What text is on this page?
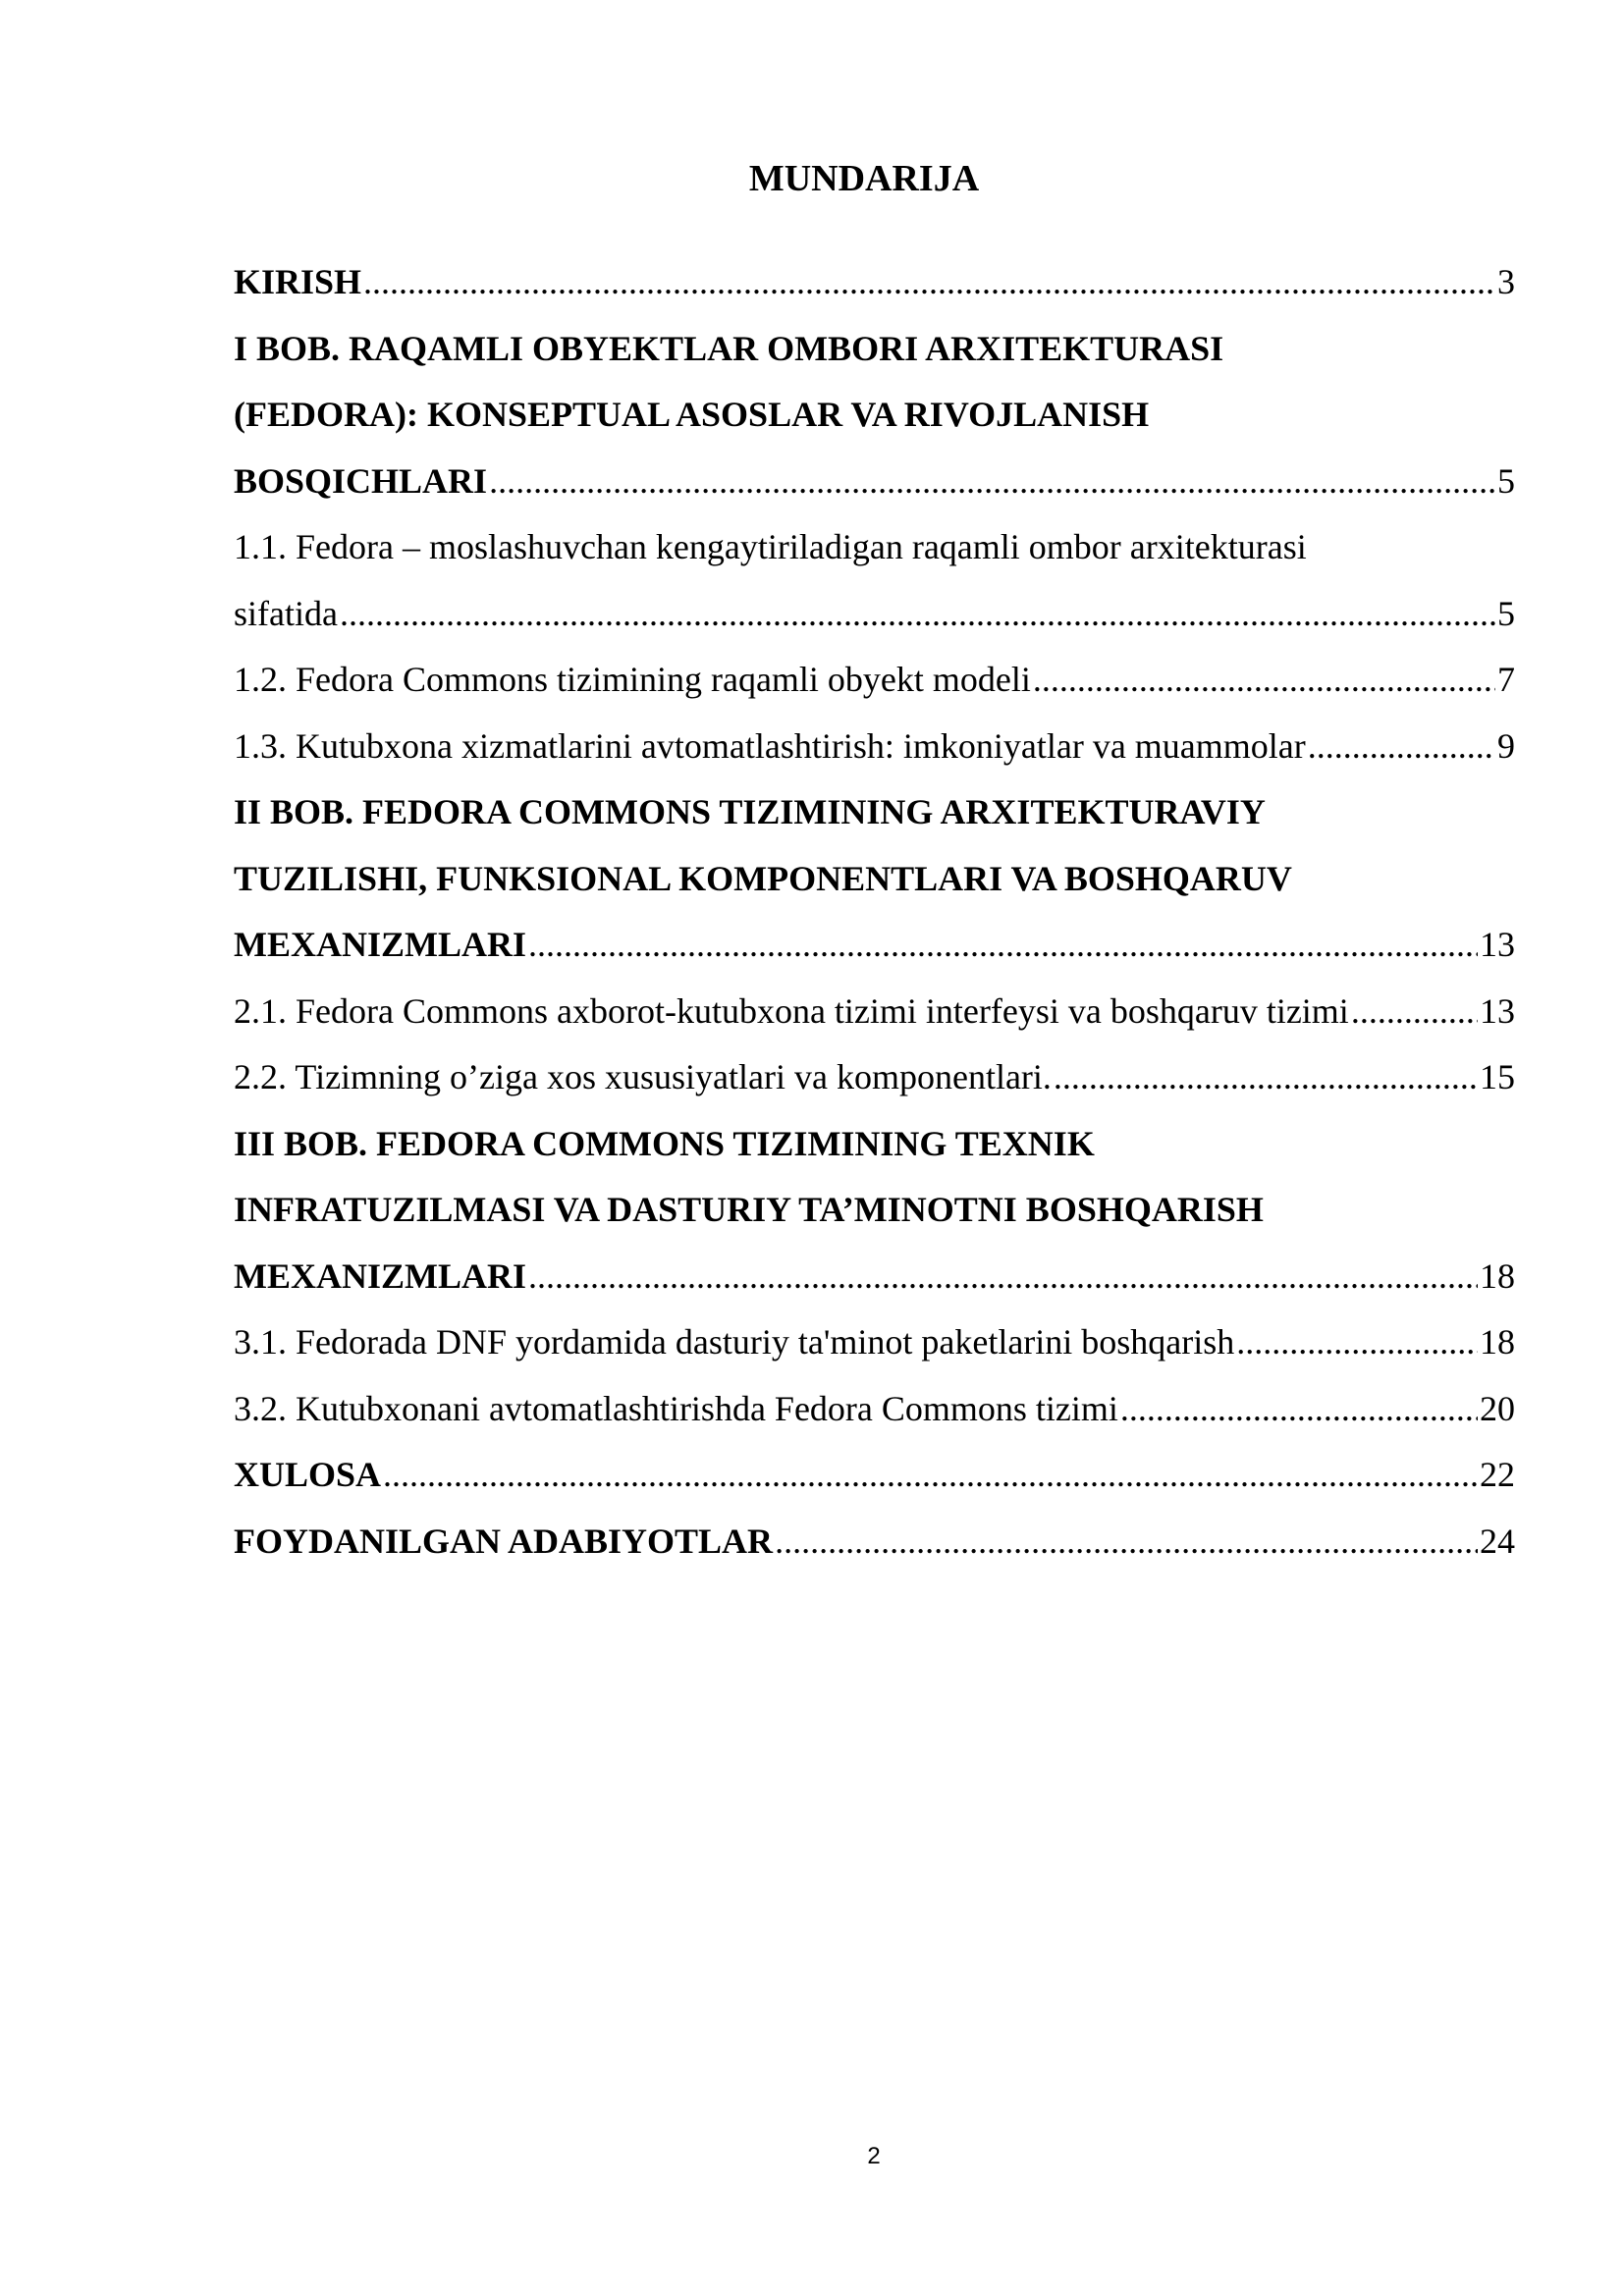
MUNDARIJA
KIRISH .....	3
I BOB. RAQAMLI OBYEKTLAR OMBORI ARXITEKTURASI
(FEDORA): KONSEPTUAL ASOSLAR VA RIVOJLANISH
BOSQICHLARI .....	5
1.1. Fedora – moslashuvchan kengaytiriladigan raqamli ombor arxitekturasi
sifatida .....	5
1.2. Fedora Commons tizimining raqamli obyekt modeli .....	7
1.3. Kutubxona xizmatlarini avtomatlashtirish: imkoniyatlar va muammolar .....	9
II BOB. FEDORA COMMONS TIZIMINING ARXITEKTURAVIY
TUZILISHI, FUNKSIONAL KOMPONENTLARI VA BOSHQARUV
MEXANIZMLARI .....	13
2.1. Fedora Commons axborot-kutubxona tizimi interfeysi va boshqaruv tizimi .....	13
2.2. Tizimning o’ziga xos xususiyatlari va komponentlari. .....	15
III BOB. FEDORA COMMONS TIZIMINING TEXNIK
INFRATUZILMASI VA DASTURIY TA’MINOTNI BOSHQARISH
MEXANIZMLARI .....	18
3.1. Fedorada DNF yordamida dasturiy ta'minot paketlarini boshqarish .....	18
3.2. Kutubxonani avtomatlashtirishda Fedora Commons tizimi .....	20
XULOSA .....	22
FOYDANILGAN ADABIYOTLAR .....	24
2
